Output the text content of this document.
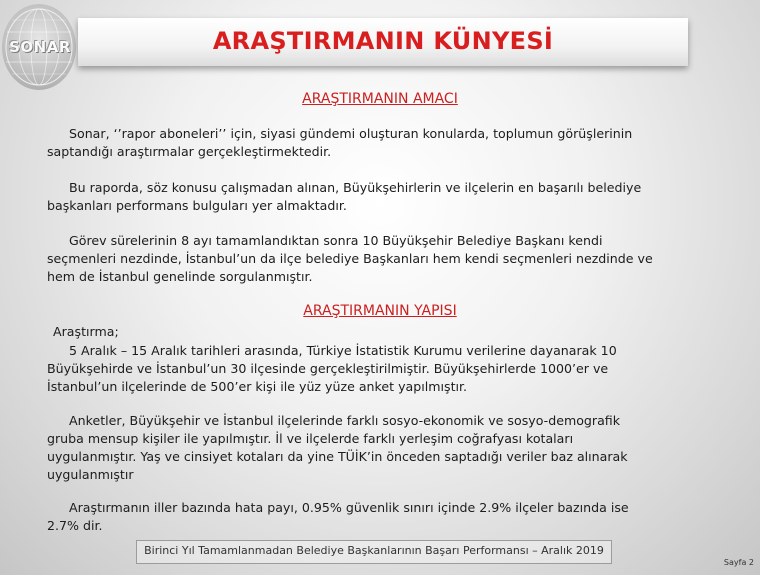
SONAR	ARAŞTIRMANIN KÜNYESİ
ARAŞTIRMANIN AMACI
Sonar, ‘’rapor aboneleri’’ için, siyasi gündemi oluşturan konularda, toplumun görüşlerinin
saptandığı araştırmalar gerçekleştirmektedir.
Bu raporda, söz konusu çalışmadan alınan, Büyükşehirlerin ve ilçelerin en başarılı belediye
başkanları performans bulguları yer almaktadır.
Görev sürelerinin 8 ayı tamamlandıktan sonra 10 Büyükşehir Belediye Başkanı kendi
seçmenleri nezdinde, İstanbul’un da ilçe belediye Başkanları hem kendi seçmenleri nezdinde ve
hem de İstanbul genelinde sorgulanmıştır.
ARAŞTIRMANIN YAPISI
Araştırma;
5 Aralık – 15 Aralık tarihleri arasında, Türkiye İstatistik Kurumu verilerine dayanarak 10
Büyükşehirde ve İstanbul’un 30 ilçesinde gerçekleştirilmiştir. Büyükşehirlerde 1000’er ve
İstanbul’un ilçelerinde de 500’er kişi ile yüz yüze anket yapılmıştır.
Anketler, Büyükşehir ve İstanbul ilçelerinde farklı sosyo-ekonomik ve sosyo-demografik
gruba mensup kişiler ile yapılmıştır. İl ve ilçelerde farklı yerleşim coğrafyası kotaları
uygulanmıştır. Yaş ve cinsiyet kotaları da yine TÜİK’in önceden saptadığı veriler baz alınarak
uygulanmıştır
Araştırmanın iller bazında hata payı, 0.95% güvenlik sınırı içinde 2.9% ilçeler bazında ise
2.7% dir.
Birinci Yıl Tamamlanmadan Belediye Başkanlarının Başarı Performansı – Aralık 2019
Sayfa 2
